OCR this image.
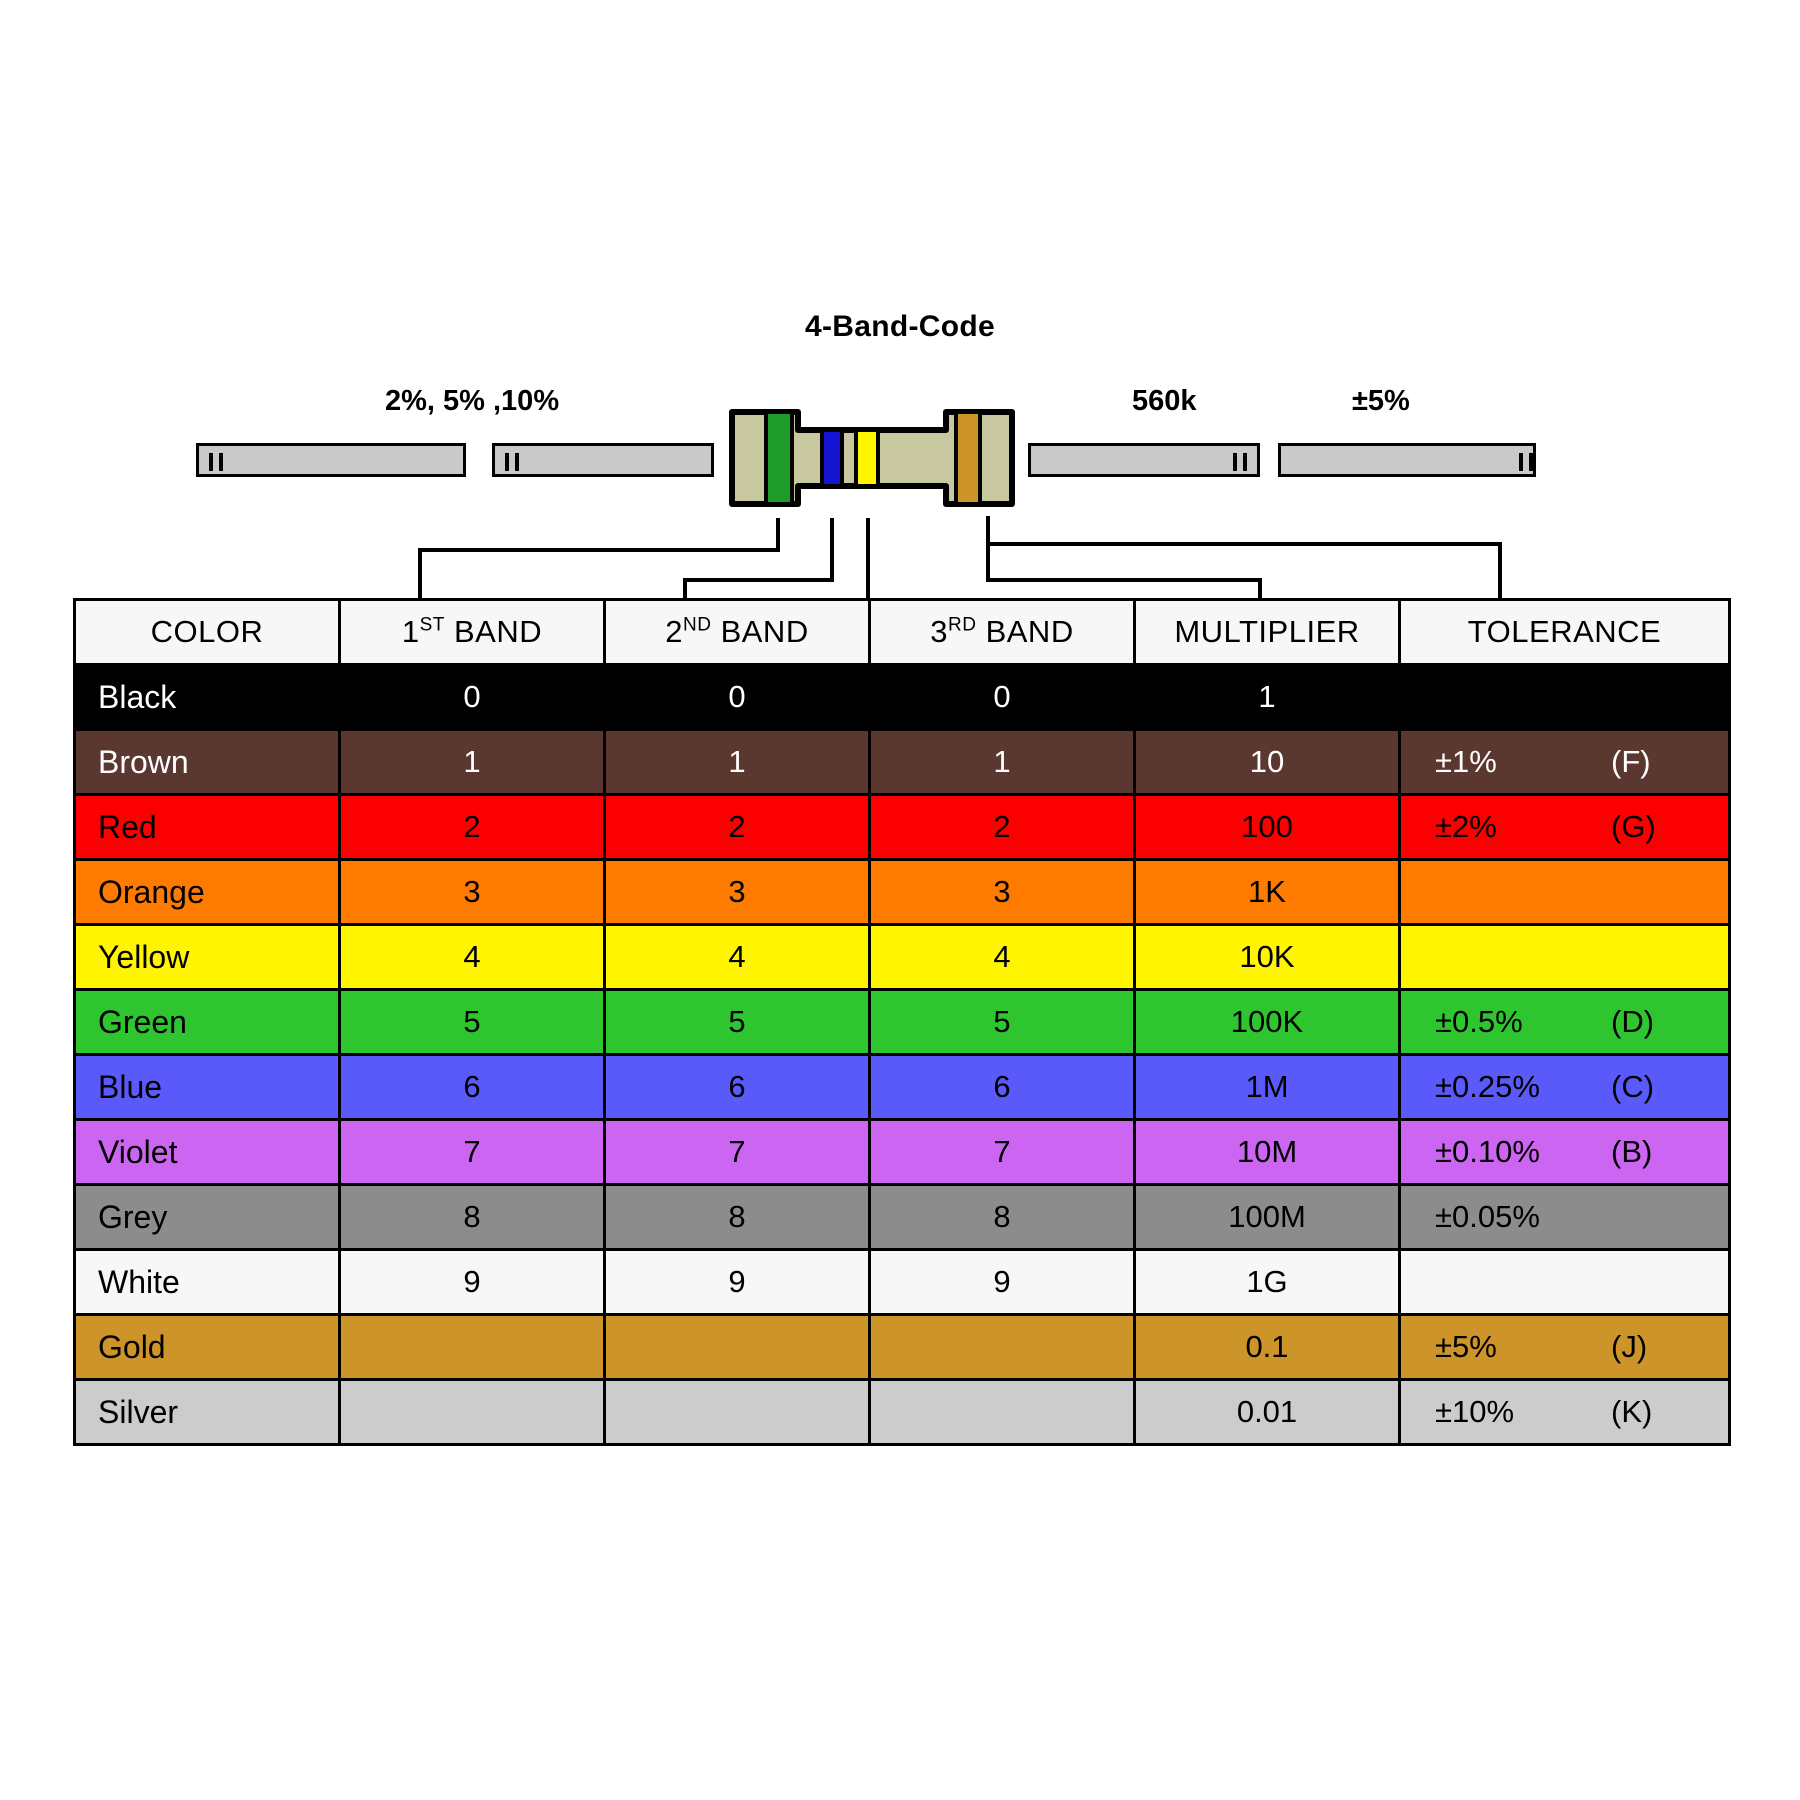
4-Band-Code
2%, 5% ,10%	560k	±5%
COLOR	1ST BAND	2ND BAND	3RD BAND	MULTIPLIER	TOLERANCE
Black	0	0	0	1	

Brown	1	1	1	10	±1% (F)

Red	2	2	2	100	±2% (G)

Orange	3	3	3	1K	

Yellow	4	4	4	10K	

Green	5	5	5	100K	±0.5% (D)

Blue	6	6	6	1M	±0.25% (C)

Violet	7	7	7	10M	±0.10% (B)

Grey	8	8	8	100M	±0.05%

White	9	9	9	1G	

Gold				0.1	±5% (J)

Silver				0.01	±10% (K)
